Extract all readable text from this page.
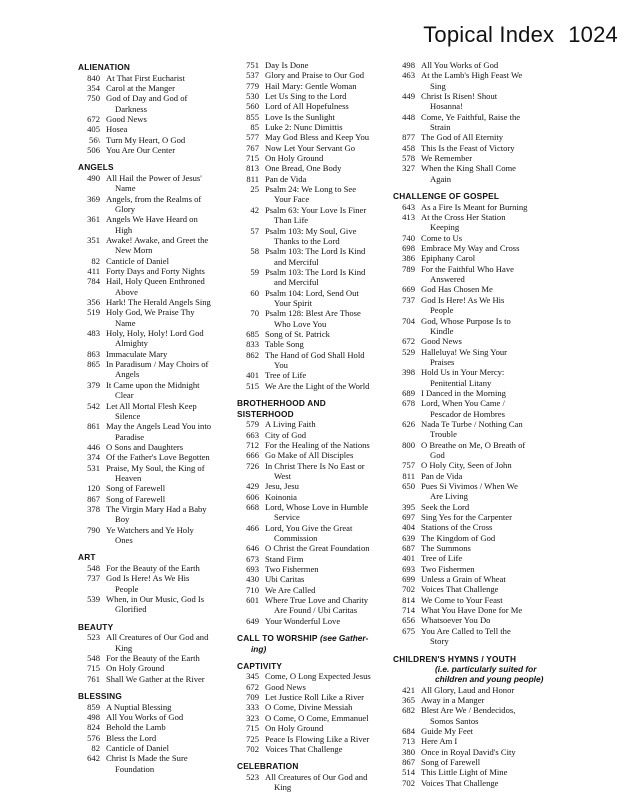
Topical Index 1024
ALIENATION
840 At That First Eucharist
354 Carol at the Manger
750 God of Day and God of
Darkness
672 Good News
405 Hosea
56\ Turn My Heart, O God
506 You Are Our Center
ANGELS
490 All Hail the Power of Jesus'
Name
369 Angels, from the Realms of
Glory
361 Angels We Have Heard on
High
351 Awake! Awake, and Greet the
New Morn
82 Canticle of Daniel
411 Forty Days and Forty Nights
784 Hail, Holy Queen Enthroned
Above
356 Hark! The Herald Angels Sing
519 Holy God, We Praise Thy
Name
483 Holy, Holy, Holy! Lord God
Almighty
863 Immaculate Mary
865 In Paradisum / May Choirs of
Angels
379 It Came upon the Midnight
Clear
542 Let All Mortal Flesh Keep
Silence
861 May the Angels Lead You into
Paradise
446 O Sons and Daughters
374 Of the Father's Love Begotten
531 Praise, My Soul, the King of
Heaven
120 Song of Farewell
867 Song of Farewell
378 The Virgin Mary Had a Baby
Boy
790 Ye Watchers and Ye Holy
Ones
ART
548 For the Beauty of the Earth
737 God Is Here! As We His
People
539 When, in Our Music, God Is
Glorified
BEAUTY
523 All Creatures of Our God and
King
548 For the Beauty of the Earth
715 On Holy Ground
761 Shall We Gather at the River
BLESSING
859 A Nuptial Blessing
498 All You Works of God
824 Behold the Lamb
576 Bless the Lord
82 Canticle of Daniel
642 Christ Is Made the Sure
Foundation
751 Day Is Done
537 Glory and Praise to Our God
779 Hail Mary: Gentle Woman
530 Let Us Sing to the Lord
560 Lord of All Hopefulness
855 Love Is the Sunlight
85 Luke 2: Nunc Dimittis
577 May God Bless and Keep You
767 Now Let Your Servant Go
715 On Holy Ground
813 One Bread, One Body
811 Pan de Vida
25 Psalm 24: We Long to See
Your Face
42 Psalm 63: Your Love Is Finer
Than Life
57 Psalm 103: My Soul, Give
Thanks to the Lord
58 Psalm 103: The Lord Is Kind
and Merciful
59 Psalm 103: The Lord Is Kind
and Merciful
60 Psalm 104: Lord, Send Out
Your Spirit
70 Psalm 128: Blest Are Those
Who Love You
685 Song of St. Patrick
833 Table Song
862 The Hand of God Shall Hold
You
401 Tree of Life
515 We Are the Light of the World
BROTHERHOOD AND SISTERHOOD
579 A Living Faith
663 City of God
712 For the Healing of the Nations
666 Go Make of All Disciples
726 In Christ There Is No East or
West
429 Jesu, Jesu
606 Koinonia
668 Lord, Whose Love in Humble
Service
466 Lord, You Give the Great
Commission
646 O Christ the Great Foundation
673 Stand Firm
693 Two Fishermen
430 Ubi Caritas
710 We Are Called
601 Where True Love and Charity
Are Found / Ubi Caritas
649 Your Wonderful Love
CALL TO WORSHIP (see Gather-
ing)
CAPTIVITY
345 Come, O Long Expected Jesus
672 Good News
709 Let Justice Roll Like a River
333 O Come, Divine Messiah
323 O Come, O Come, Emmanuel
715 On Holy Ground
725 Peace Is Flowing Like a River
702 Voices That Challenge
CELEBRATION
523 All Creatures of Our God and
King
498 All You Works of God
463 At the Lamb's High Feast We
Sing
449 Christ Is Risen! Shout
Hosanna!
448 Come, Ye Faithful, Raise the
Strain
877 The God of All Eternity
458 This Is the Feast of Victory
578 We Remember
327 When the King Shall Come
Again
CHALLENGE OF GOSPEL
643 As a Fire Is Meant for Burning
413 At the Cross Her Station
Keeping
740 Come to Us
698 Embrace My Way and Cross
386 Epiphany Carol
789 For the Faithful Who Have
Answered
669 God Has Chosen Me
737 God Is Here! As We His
People
704 God, Whose Purpose Is to
Kindle
672 Good News
529 Halleluya! We Sing Your
Praises
398 Hold Us in Your Mercy:
Penitential Litany
689 I Danced in the Morning
678 Lord, When You Came /
Pescador de Hombres
626 Nada Te Turbe / Nothing Can
Trouble
800 O Breathe on Me, O Breath of
God
757 O Holy City, Seen of John
811 Pan de Vida
650 Pues Si Vivimos / When We
Are Living
395 Seek the Lord
697 Sing Yes for the Carpenter
404 Stations of the Cross
639 The Kingdom of God
687 The Summons
401 Tree of Life
693 Two Fishermen
699 Unless a Grain of Wheat
702 Voices That Challenge
814 We Come to Your Feast
714 What You Have Done for Me
656 Whatsoever You Do
675 You Are Called to Tell the
Story
CHILDREN'S HYMNS / YOUTH
(i.e. particularly suited for
children and young people)
421 All Glory, Laud and Honor
365 Away in a Manger
682 Blest Are We / Bendecidos,
Somos Santos
684 Guide My Feet
713 Here Am I
380 Once in Royal David's City
867 Song of Farewell
514 This Little Light of Mine
702 Voices That Challenge
